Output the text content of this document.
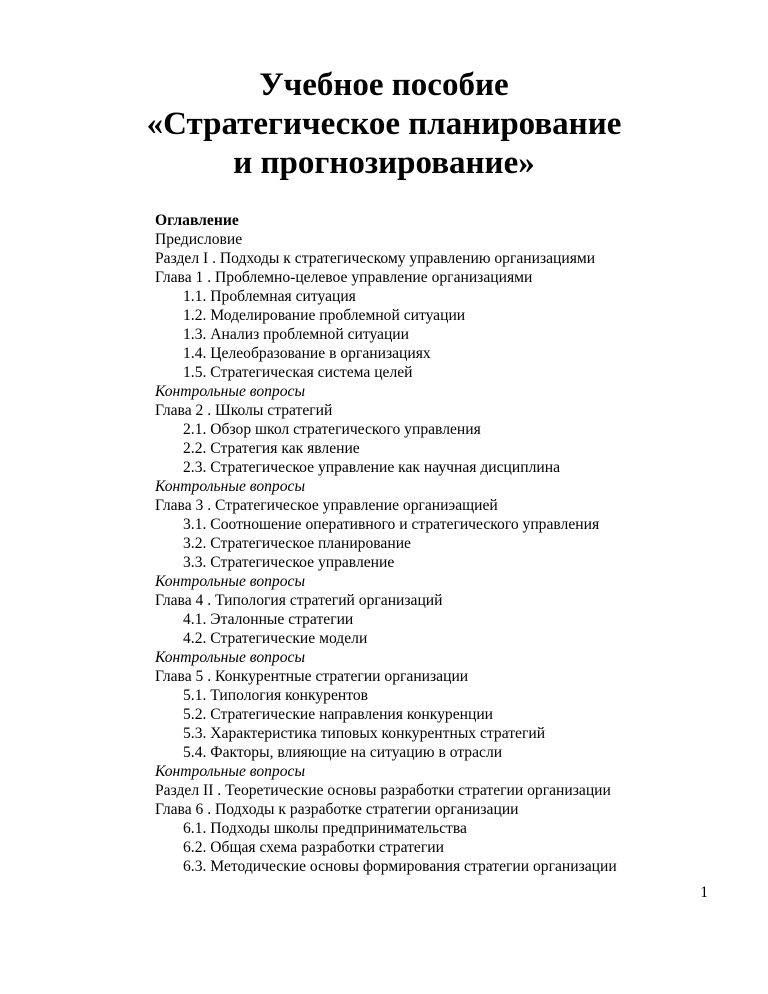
Учебное пособие
«Стратегическое планирование
и прогнозирование»
Оглавление
Предисловие
Раздел I . Подходы к стратегическому управлению организациями
Глава 1 . Проблемно-целевое управление организациями
1.1. Проблемная ситуация
1.2. Моделирование проблемной ситуации
1.3. Анализ проблемной ситуации
1.4. Целеобразование в организациях
1.5. Стратегическая система целей
Контрольные вопросы
Глава 2 . Школы стратегий
2.1. Обзор школ стратегического управления
2.2. Стратегия как явление
2.3. Стратегическое управление как научная дисциплина
Контрольные вопросы
Глава 3 . Стратегическое управление органиэащией
3.1. Соотношение оперативного и стратегического управления
3.2. Стратегическое планирование
3.3. Стратегическое управление
Контрольные вопросы
Глава 4 . Типология стратегий организаций
4.1. Эталонные стратегии
4.2. Стратегические модели
Контрольные вопросы
Глава 5 . Конкурентные стратегии организации
5.1. Типология конкурентов
5.2. Стратегические направления конкуренции
5.3. Характеристика типовых конкурентных стратегий
5.4. Факторы, влияющие на ситуацию в отрасли
Контрольные вопросы
Раздел II . Теоретические основы разработки стратегии организации
Глава 6 . Подходы к разработке стратегии организации
6.1. Подходы школы предпринимательства
6.2. Общая схема разработки стратегии
6.3. Методические основы формирования стратегии организации
1
